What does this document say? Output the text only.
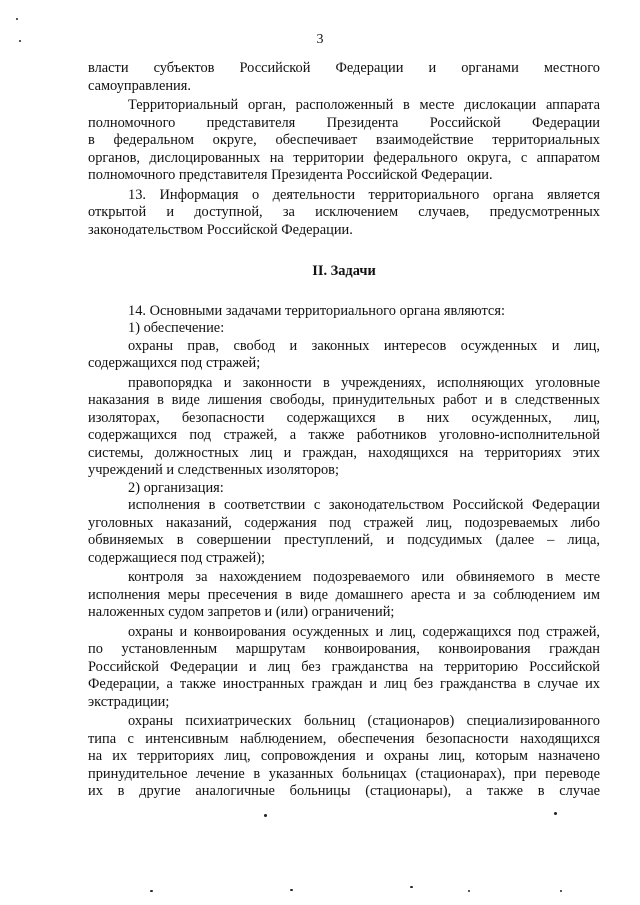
3

власти субъектов Российской Федерации и органами местного

самоуправления.

Территориальный орган, расположенный в месте дислокации аппарата

полномочного представителя Президента Российской Федерации

в федеральном округе, обеспечивает взаимодействие территориальных

органов, дислоцированных на территории федерального округа, с аппаратом

полномочного представителя Президента Российской Федерации.

13. Информация о деятельности территориального органа является

открытой и доступной, за исключением случаев, предусмотренных

законодательством Российской Федерации.

II. Задачи

14. Основными задачами территориального органа являются:

1) обеспечение:

охраны прав, свобод и законных интересов осужденных и лиц,

содержащихся под стражей;

правопорядка и законности в учреждениях, исполняющих уголовные

наказания в виде лишения свободы, принудительных работ и в следственных

изоляторах, безопасности содержащихся в них осужденных, лиц,

содержащихся под стражей, а также работников уголовно-исполнительной

системы, должностных лиц и граждан, находящихся на территориях этих

учреждений и следственных изоляторов;

2) организация:

исполнения в соответствии с законодательством Российской Федерации

уголовных наказаний, содержания под стражей лиц, подозреваемых либо

обвиняемых в совершении преступлений, и подсудимых (далее – лица,

содержащиеся под стражей);

контроля за нахождением подозреваемого или обвиняемого в месте

исполнения меры пресечения в виде домашнего ареста и за соблюдением им

наложенных судом запретов и (или) ограничений;

охраны и конвоирования осужденных и лиц, содержащихся под стражей,

по установленным маршрутам конвоирования, конвоирования граждан

Российской Федерации и лиц без гражданства на территорию Российской

Федерации, а также иностранных граждан и лиц без гражданства в случае их

экстрадиции;

охраны психиатрических больниц (стационаров) специализированного

типа с интенсивным наблюдением, обеспечения безопасности находящихся

на их территориях лиц, сопровождения и охраны лиц, которым назначено

принудительное лечение в указанных больницах (стационарах), при переводе

их в другие аналогичные больницы (стационары), а также в случае
